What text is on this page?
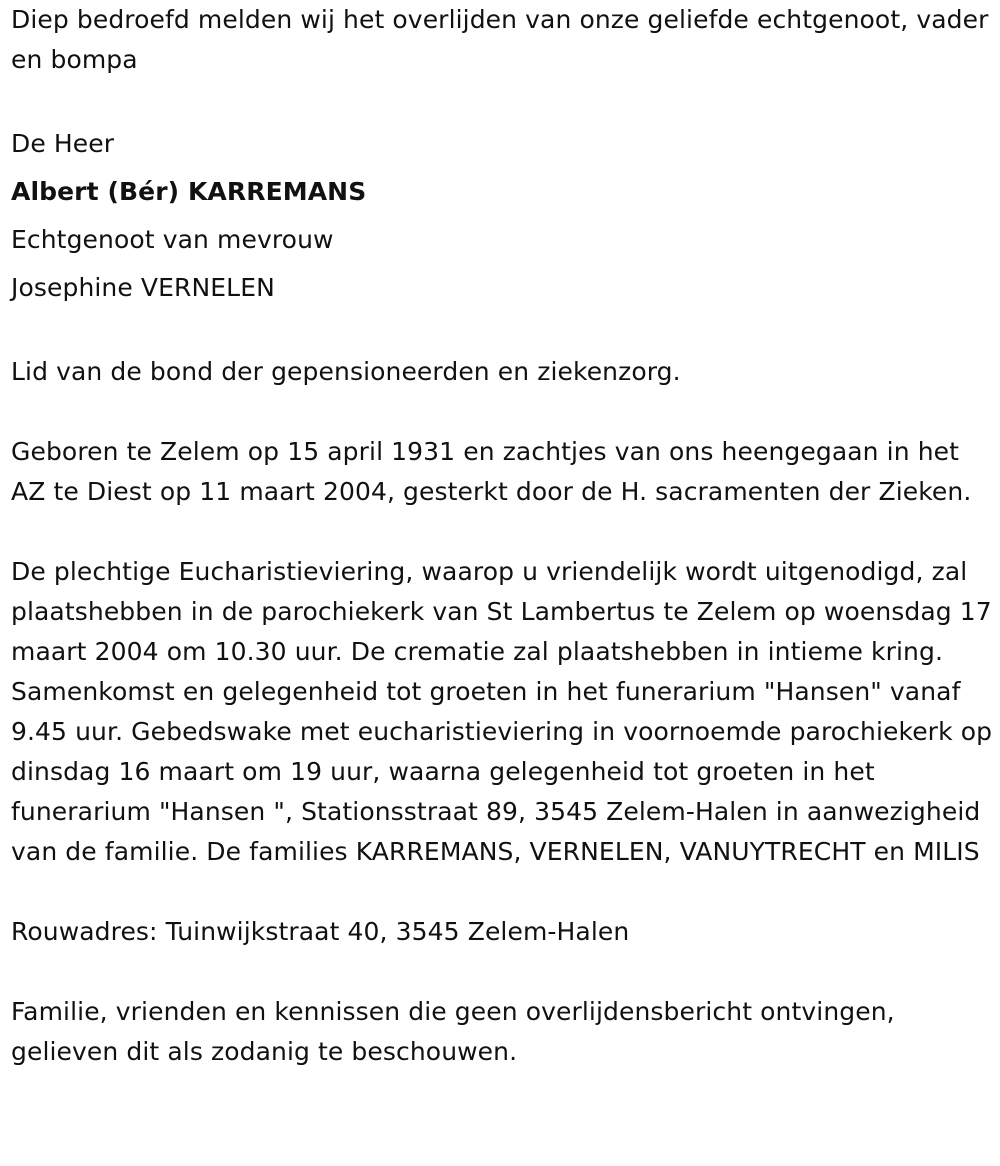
Diep bedroefd melden wij het overlijden van onze geliefde echtgenoot, vader en bompa

De Heer

Albert (Bér) KARREMANS

Echtgenoot van mevrouw

Josephine VERNELEN

Lid van de bond der gepensioneerden en ziekenzorg.

Geboren te Zelem op 15 april 1931 en zachtjes van ons heengegaan in het AZ te Diest op 11 maart 2004, gesterkt door de H. sacramenten der Zieken.

De plechtige Eucharistieviering, waarop u vriendelijk wordt uitgenodigd, zal plaatshebben in de parochiekerk van St Lambertus te Zelem op woensdag 17 maart 2004 om 10.30 uur. De crematie zal plaatshebben in intieme kring. Samenkomst en gelegenheid tot groeten in het funerarium "Hansen" vanaf 9.45 uur. Gebedswake met eucharistieviering in voornoemde parochiekerk op dinsdag 16 maart om 19 uur, waarna gelegenheid tot groeten in het funerarium "Hansen ", Stationsstraat 89, 3545 Zelem-Halen in aanwezigheid van de familie. De families KARREMANS, VERNELEN, VANUYTRECHT en MILIS

Rouwadres: Tuinwijkstraat 40, 3545 Zelem-Halen

Familie, vrienden en kennissen die geen overlijdensbericht ontvingen, gelieven dit als zodanig te beschouwen.
